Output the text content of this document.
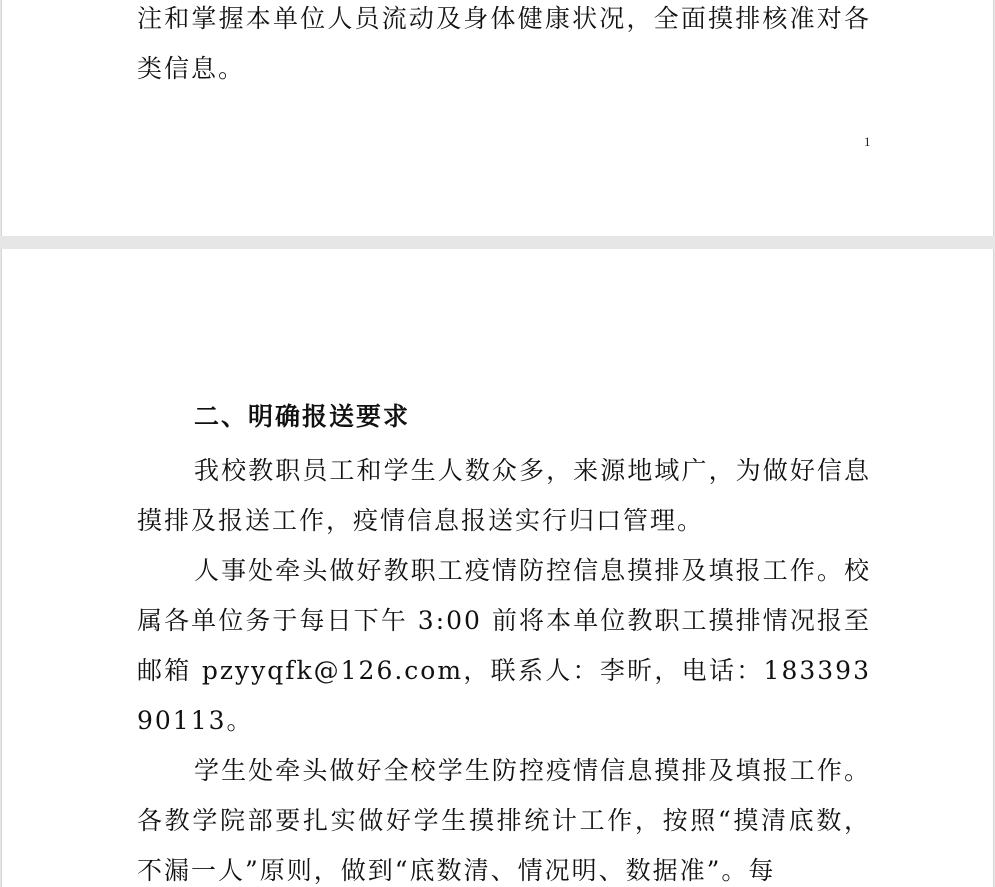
注和掌握本单位人员流动及身体健康状况，全面摸排核准对各类信息。

1

二、明确报送要求

我校教职员工和学生人数众多，来源地域广，为做好信息摸排及报送工作，疫情信息报送实行归口管理。

人事处牵头做好教职工疫情防控信息摸排及填报工作。校属各单位务于每日下午 3:00 前将本单位教职工摸排情况报至邮箱 pzyyqfk@126.com，联系人：李昕，电话：18339390113。

学生处牵头做好全校学生防控疫情信息摸排及填报工作。各教学院部要扎实做好学生摸排统计工作，按照“摸清底数，不漏一人”原则，做到“底数清、情况明、数据准”。每
